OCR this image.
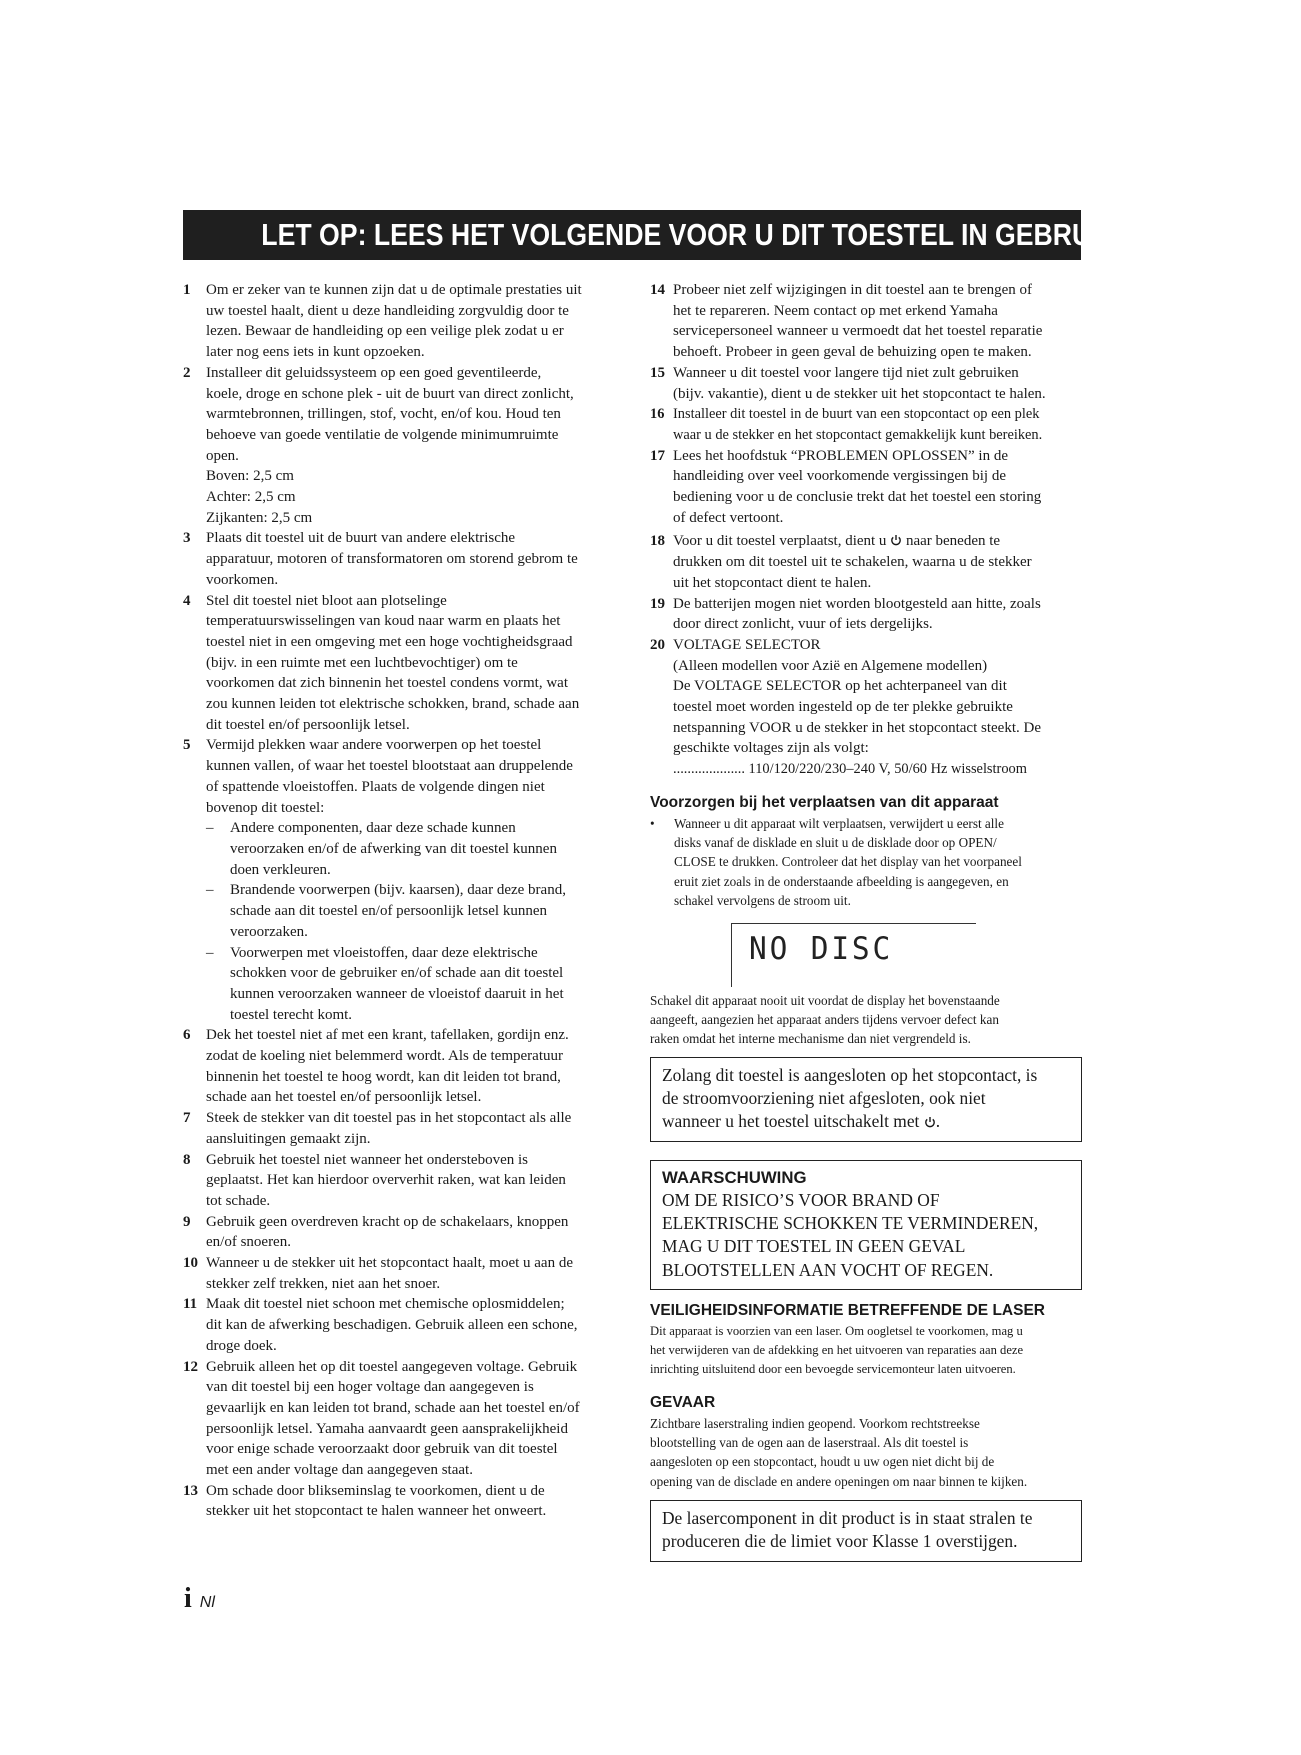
LET OP: LEES HET VOLGENDE VOOR U DIT TOESTEL IN GEBRUIK NEEMT.
1 Om er zeker van te kunnen zijn dat u de optimale prestaties uit
uw toestel haalt, dient u deze handleiding zorgvuldig door te
lezen. Bewaar de handleiding op een veilige plek zodat u er
later nog eens iets in kunt opzoeken.
2 Installeer dit geluidssysteem op een goed geventileerde,
koele, droge en schone plek - uit de buurt van direct zonlicht,
warmtebronnen, trillingen, stof, vocht, en/of kou. Houd ten
behoeve van goede ventilatie de volgende minimumruimte
open.
Boven: 2,5 cm
Achter: 2,5 cm
Zijkanten: 2,5 cm
3 Plaats dit toestel uit de buurt van andere elektrische
apparatuur, motoren of transformatoren om storend gebrom te
voorkomen.
4 Stel dit toestel niet bloot aan plotselinge
temperatuurswisselingen van koud naar warm en plaats het
toestel niet in een omgeving met een hoge vochtigheidsgraad
(bijv. in een ruimte met een luchtbevochtiger) om te
voorkomen dat zich binnenin het toestel condens vormt, wat
zou kunnen leiden tot elektrische schokken, brand, schade aan
dit toestel en/of persoonlijk letsel.
5 Vermijd plekken waar andere voorwerpen op het toestel
kunnen vallen, of waar het toestel blootstaat aan druppelende
of spattende vloeistoffen. Plaats de volgende dingen niet
bovenop dit toestel:
– Andere componenten, daar deze schade kunnen
veroorzaken en/of de afwerking van dit toestel kunnen
doen verkleuren.
– Brandende voorwerpen (bijv. kaarsen), daar deze brand,
schade aan dit toestel en/of persoonlijk letsel kunnen
veroorzaken.
– Voorwerpen met vloeistoffen, daar deze elektrische
schokken voor de gebruiker en/of schade aan dit toestel
kunnen veroorzaken wanneer de vloeistof daaruit in het
toestel terecht komt.
6 Dek het toestel niet af met een krant, tafellaken, gordijn enz.
zodat de koeling niet belemmerd wordt. Als de temperatuur
binnenin het toestel te hoog wordt, kan dit leiden tot brand,
schade aan het toestel en/of persoonlijk letsel.
7 Steek de stekker van dit toestel pas in het stopcontact als alle
aansluitingen gemaakt zijn.
8 Gebruik het toestel niet wanneer het ondersteboven is
geplaatst. Het kan hierdoor oververhit raken, wat kan leiden
tot schade.
9 Gebruik geen overdreven kracht op de schakelaars, knoppen
en/of snoeren.
10 Wanneer u de stekker uit het stopcontact haalt, moet u aan de
stekker zelf trekken, niet aan het snoer.
11 Maak dit toestel niet schoon met chemische oplosmiddelen;
dit kan de afwerking beschadigen. Gebruik alleen een schone,
droge doek.
12 Gebruik alleen het op dit toestel aangegeven voltage. Gebruik
van dit toestel bij een hoger voltage dan aangegeven is
gevaarlijk en kan leiden tot brand, schade aan het toestel en/of
persoonlijk letsel. Yamaha aanvaardt geen aansprakelijkheid
voor enige schade veroorzaakt door gebruik van dit toestel
met een ander voltage dan aangegeven staat.
13 Om schade door blikseminslag te voorkomen, dient u de
stekker uit het stopcontact te halen wanneer het onweert.
14 Probeer niet zelf wijzigingen in dit toestel aan te brengen of
het te repareren. Neem contact op met erkend Yamaha
servicepersoneel wanneer u vermoedt dat het toestel reparatie
behoeft. Probeer in geen geval de behuizing open te maken.
15 Wanneer u dit toestel voor langere tijd niet zult gebruiken
(bijv. vakantie), dient u de stekker uit het stopcontact te halen.
16 Installeer dit toestel in de buurt van een stopcontact op een plek
waar u de stekker en het stopcontact gemakkelijk kunt bereiken.
17 Lees het hoofdstuk “PROBLEMEN OPLOSSEN” in de
handleiding over veel voorkomende vergissingen bij de
bediening voor u de conclusie trekt dat het toestel een storing
of defect vertoont.
18 Voor u dit toestel verplaatst, dient u naar beneden te
drukken om dit toestel uit te schakelen, waarna u de stekker
uit het stopcontact dient te halen.
19 De batterijen mogen niet worden blootgesteld aan hitte, zoals
door direct zonlicht, vuur of iets dergelijks.
20 VOLTAGE SELECTOR
(Alleen modellen voor Azië en Algemene modellen)
De VOLTAGE SELECTOR op het achterpaneel van dit
toestel moet worden ingesteld op de ter plekke gebruikte
netspanning VOOR u de stekker in het stopcontact steekt. De
geschikte voltages zijn als volgt:
.................... 110/120/220/230–240 V, 50/60 Hz wisselstroom

Voorzorgen bij het verplaatsen van dit apparaat

• Wanneer u dit apparaat wilt verplaatsen, verwijdert u eerst alle
disks vanaf de disklade en sluit u de disklade door op OPEN/
CLOSE te drukken. Controleer dat het display van het voorpaneel
eruit ziet zoals in de onderstaande afbeelding is aangegeven, en
schakel vervolgens de stroom uit.
NO DISC
Schakel dit apparaat nooit uit voordat de display het bovenstaande
aangeeft, aangezien het apparaat anders tijdens vervoer defect kan
raken omdat het interne mechanisme dan niet vergrendeld is.
Zolang dit toestel is aangesloten op het stopcontact, is
de stroomvoorziening niet afgesloten, ook niet
wanneer u het toestel uitschakelt met .
WAARSCHUWING
OM DE RISICO’S VOOR BRAND OF
ELEKTRISCHE SCHOKKEN TE VERMINDEREN,
MAG U DIT TOESTEL IN GEEN GEVAL
BLOOTSTELLEN AAN VOCHT OF REGEN.

VEILIGHEIDSINFORMATIE BETREFFENDE DE LASER

Dit apparaat is voorzien van een laser. Om oogletsel te voorkomen, mag u
het verwijderen van de afdekking en het uitvoeren van reparaties aan deze
inrichting uitsluitend door een bevoegde servicemonteur laten uitvoeren.

GEVAAR

Zichtbare laserstraling indien geopend. Voorkom rechtstreekse
blootstelling van de ogen aan de laserstraal. Als dit toestel is
aangesloten op een stopcontact, houdt u uw ogen niet dicht bij de
opening van de disclade en andere openingen om naar binnen te kijken.
De lasercomponent in dit product is in staat stralen te
produceren die de limiet voor Klasse 1 overstijgen.
i Nl
